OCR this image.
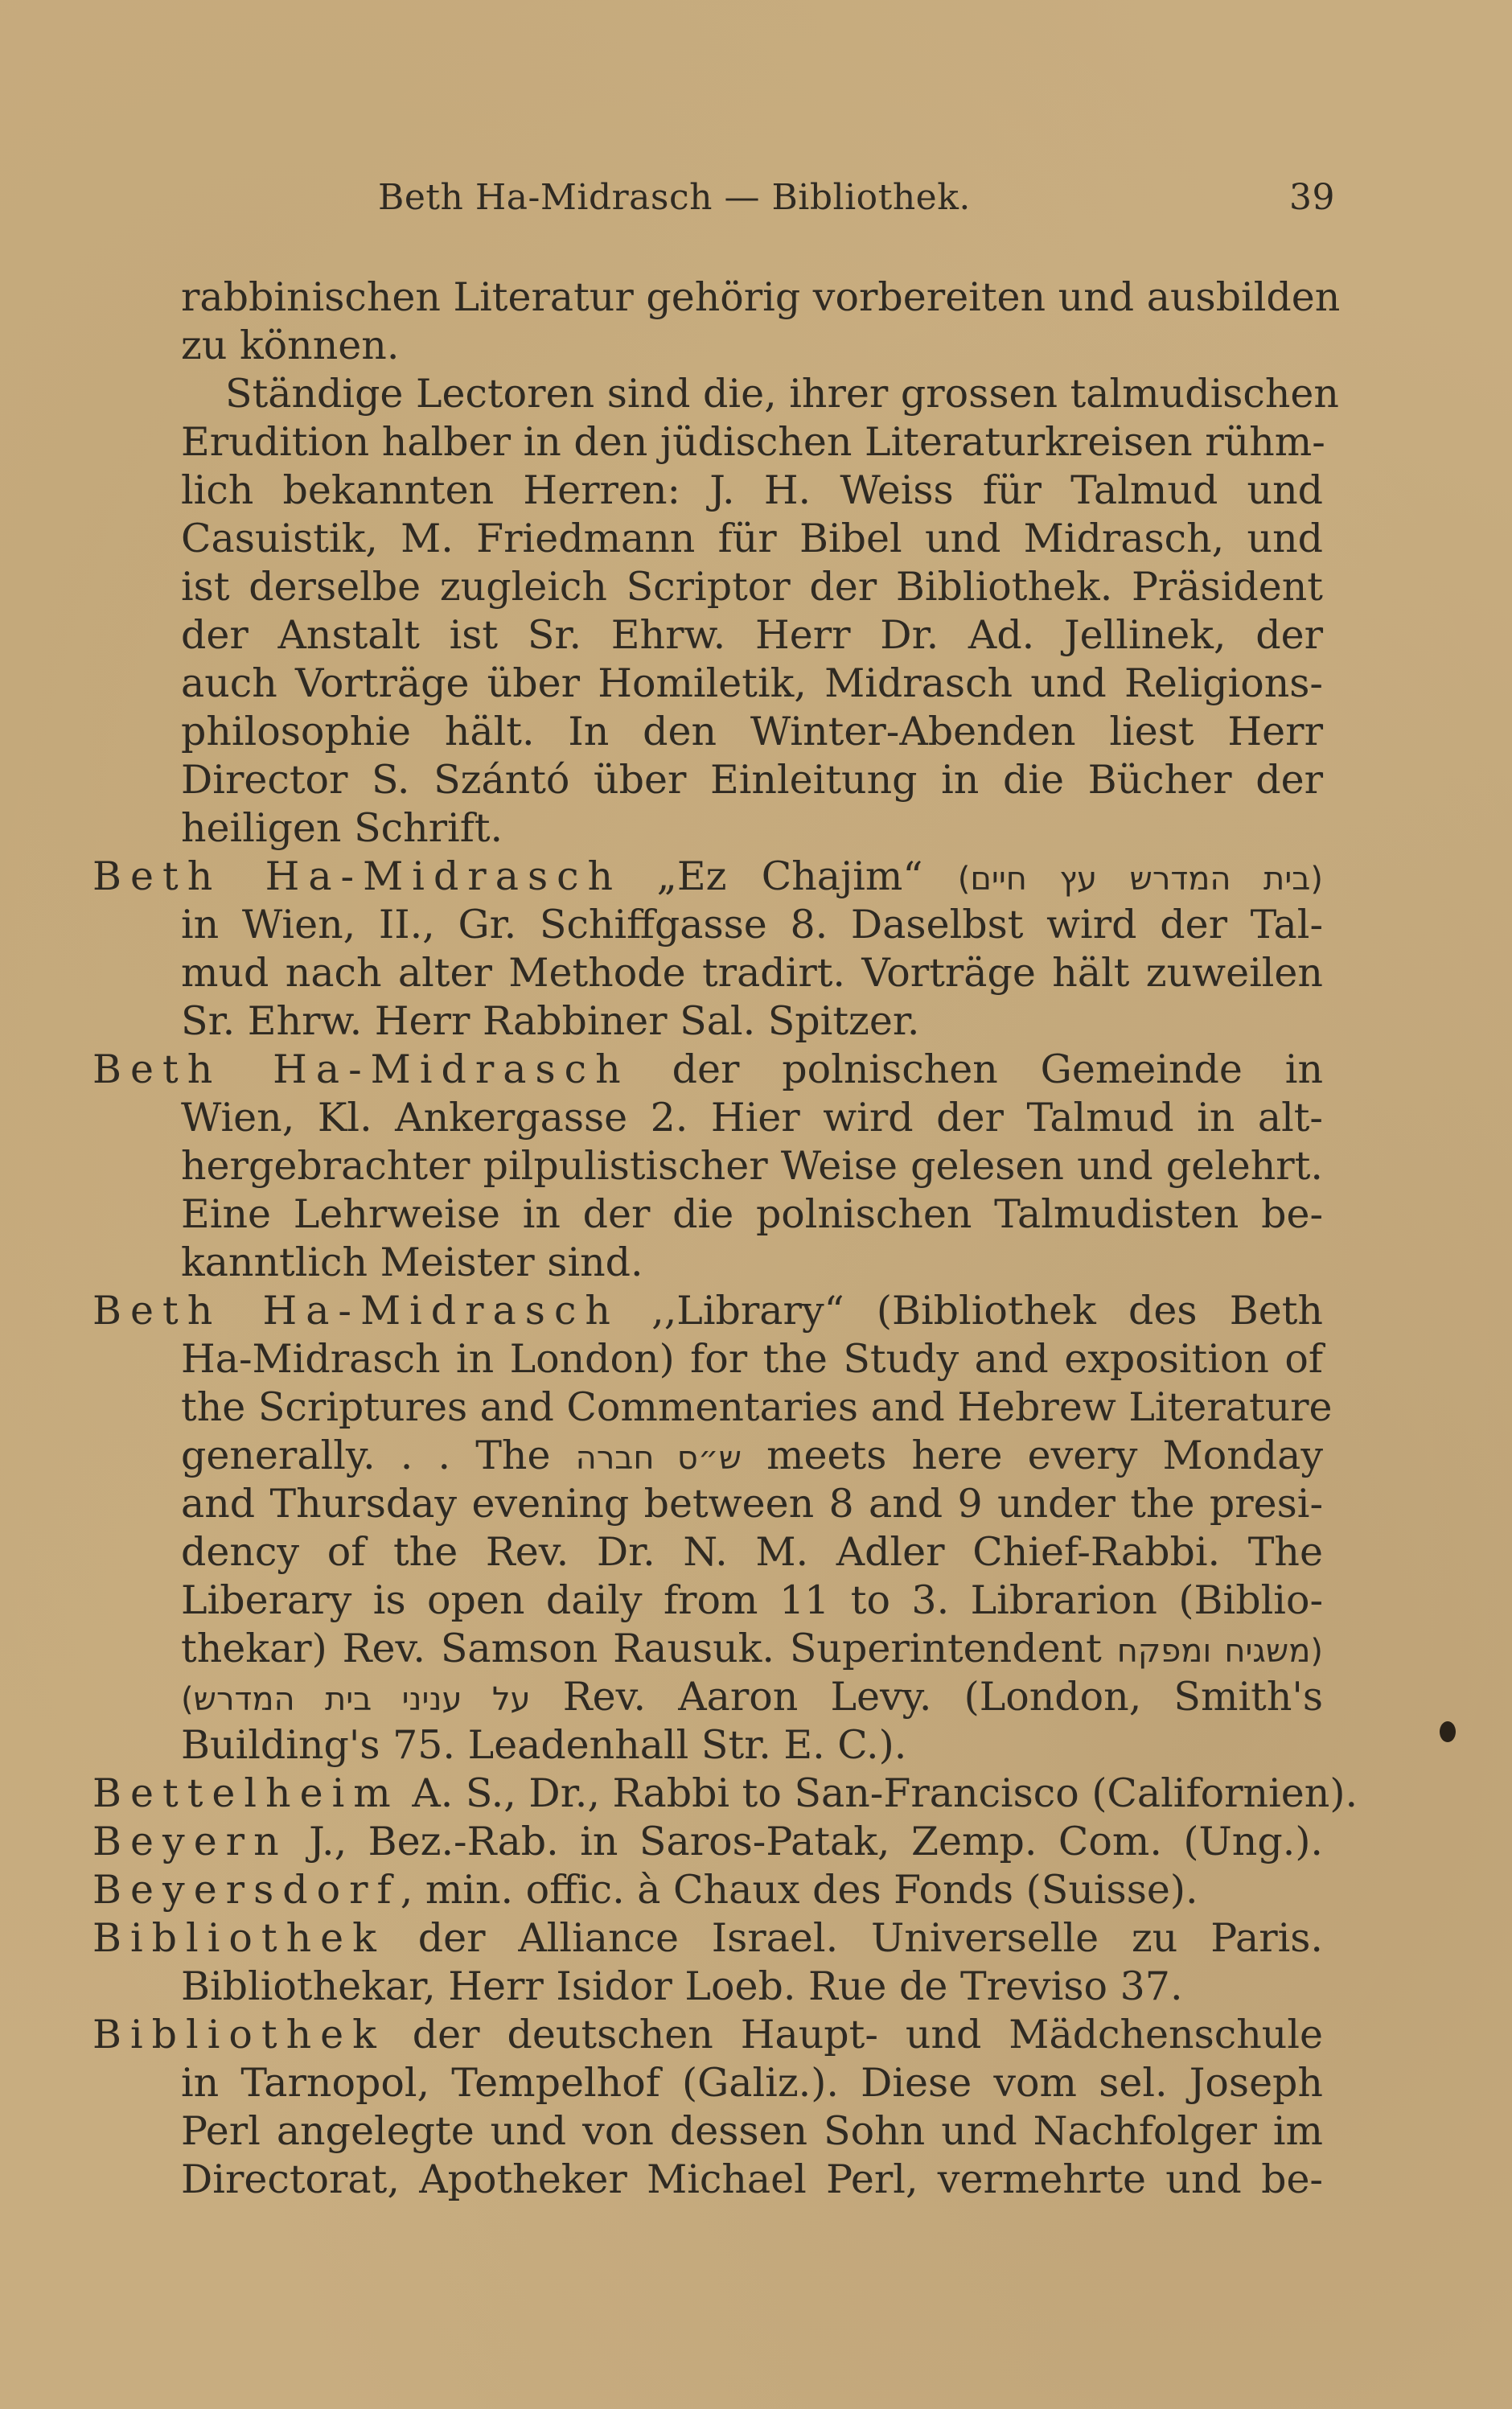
Beth Ha-Midrasch — Bibliothek.	39
rabbinischen Literatur gehörig vorbereiten und ausbilden
zu können.
Ständige Lectoren sind die, ihrer grossen talmudischen
Erudition halber in den jüdischen Literaturkreisen rühm-
lich bekannten Herren: J. H. Weiss für Talmud und
Casuistik, M. Friedmann für Bibel und Midrasch, und
ist derselbe zugleich Scriptor der Bibliothek. Präsident
der Anstalt ist Sr. Ehrw. Herr Dr. Ad. Jellinek, der
auch Vorträge über Homiletik, Midrasch und Religions-
philosophie hält. In den Winter-Abenden liest Herr
Director S. Szántó über Einleitung in die Bücher der
heiligen Schrift.
Beth Ha-Midrasch „Ez Chajim“ (בית המדרש עץ חיים)
in Wien, II., Gr. Schiffgasse 8. Daselbst wird der Tal-
mud nach alter Methode tradirt. Vorträge hält zuweilen
Sr. Ehrw. Herr Rabbiner Sal. Spitzer.
Beth Ha-Midrasch der polnischen Gemeinde in
Wien, Kl. Ankergasse 2. Hier wird der Talmud in alt-
hergebrachter pilpulistischer Weise gelesen und gelehrt.
Eine Lehrweise in der die polnischen Talmudisten be-
kanntlich Meister sind.
Beth Ha-Midrasch ,,Library“ (Bibliothek des Beth
Ha-Midrasch in London) for the Study and exposition of
the Scriptures and Commentaries and Hebrew Literature
generally. . . The ש״ס חברה meets here every Monday
and Thursday evening between 8 and 9 under the presi-
dency of the Rev. Dr. N. M. Adler Chief-Rabbi. The
Liberary is open daily from 11 to 3. Librarion (Biblio-
thekar) Rev. Samson Rausuk. Superintendent (משגיח ומפקח
על עניני בית המדרש) Rev. Aaron Levy. (London, Smith's
Building's 75. Leadenhall Str. E. C.).
Bettelheim A. S., Dr., Rabbi to San-Francisco (Californien).
Beyern J., Bez.-Rab. in Saros-Patak, Zemp. Com. (Ung.).
Beyersdorf, min. offic. à Chaux des Fonds (Suisse).
Bibliothek der Alliance Israel. Universelle zu Paris.
Bibliothekar, Herr Isidor Loeb. Rue de Treviso 37.
Bibliothek der deutschen Haupt- und Mädchenschule
in Tarnopol, Tempelhof (Galiz.). Diese vom sel. Joseph
Perl angelegte und von dessen Sohn und Nachfolger im
Directorat, Apotheker Michael Perl, vermehrte und be-
